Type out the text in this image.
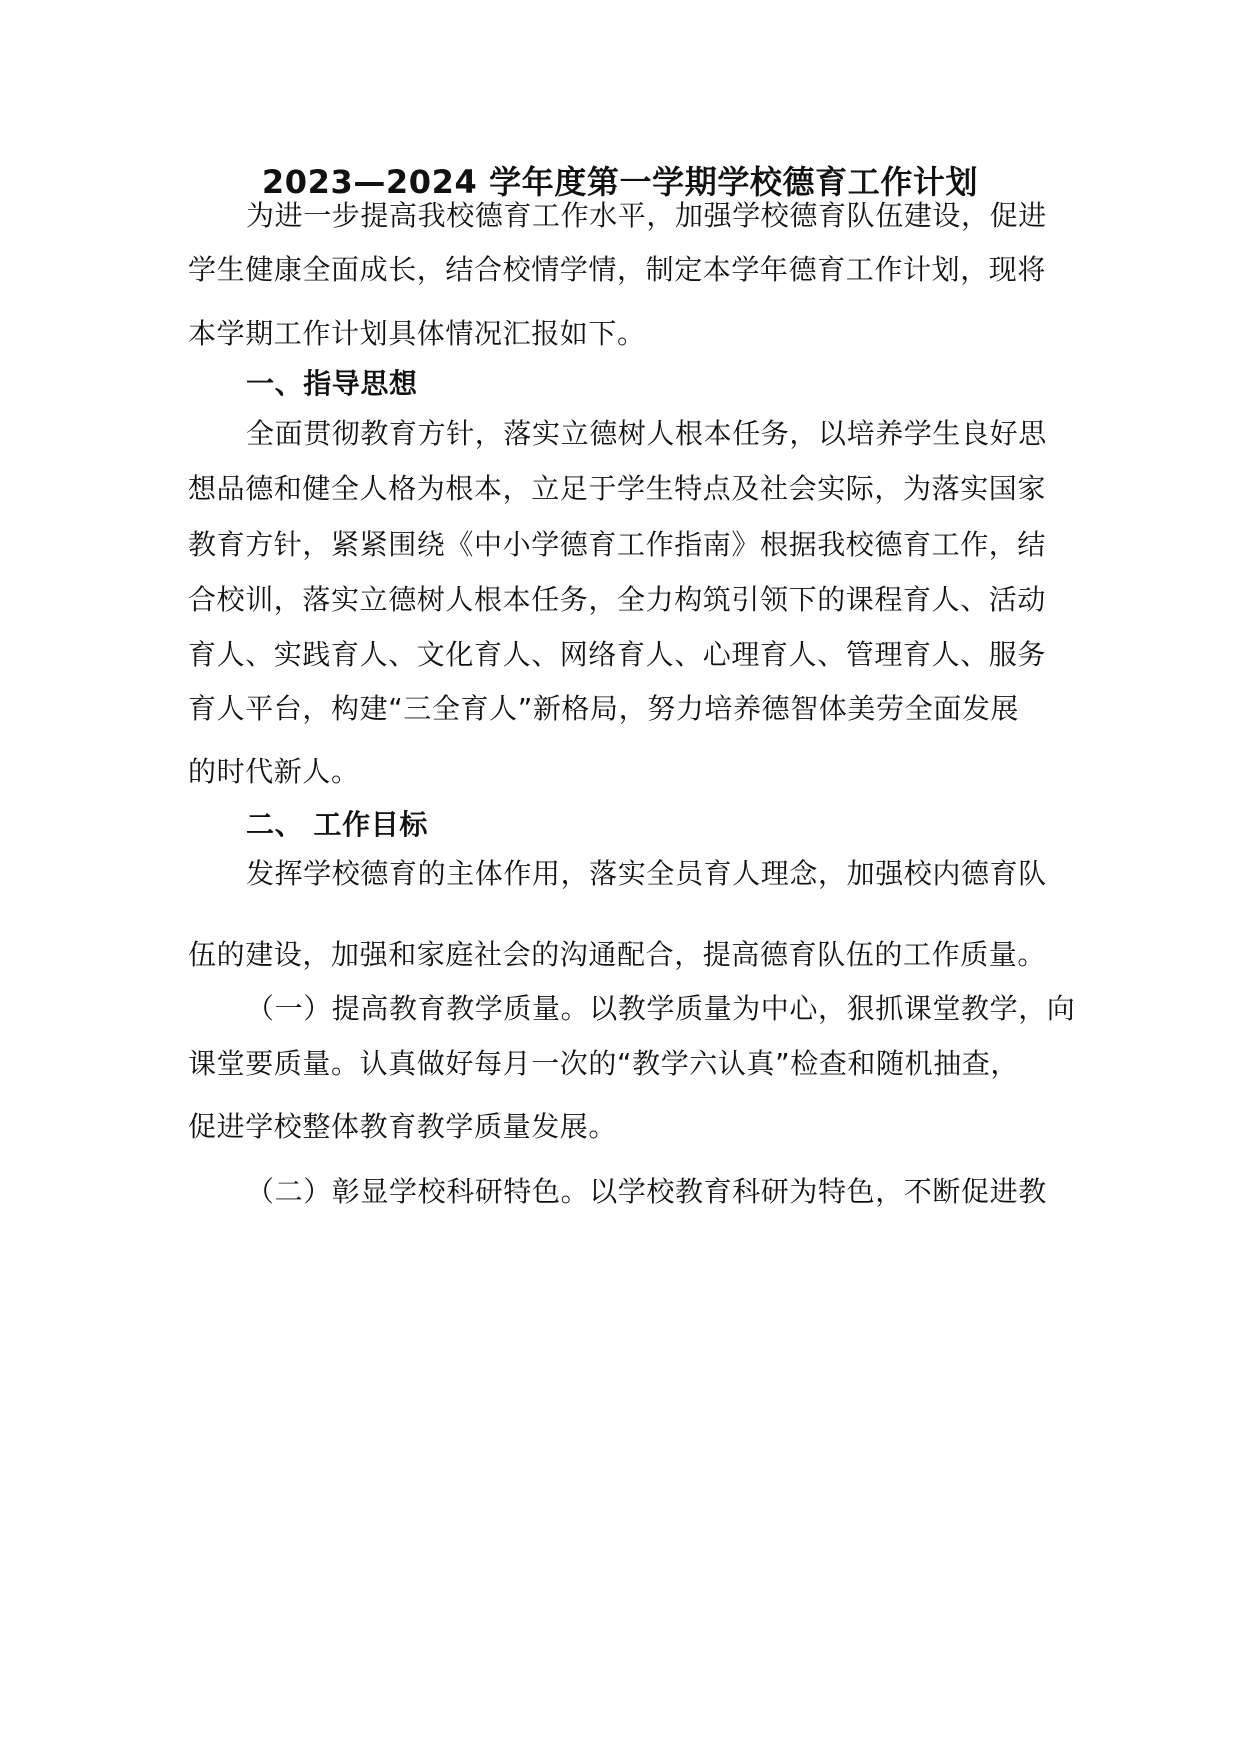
2023—2024 学年度第一学期学校德育工作计划
为进一步提高我校德育工作水平，加强学校德育队伍建设，促进
学生健康全面成长，结合校情学情，制定本学年德育工作计划，现将
本学期工作计划具体情况汇报如下。
一、指导思想
全面贯彻教育方针，落实立德树人根本任务，以培养学生良好思
想品德和健全人格为根本，立足于学生特点及社会实际，为落实国家
教育方针，紧紧围绕《中小学德育工作指南》根据我校德育工作，结
合校训，落实立德树人根本任务，全力构筑引领下的课程育人、活动
育人、实践育人、文化育人、网络育人、心理育人、管理育人、服务
育人平台，构建“三全育人”新格局，努力培养德智体美劳全面发展
的时代新人。
二、 工作目标
发挥学校德育的主体作用，落实全员育人理念，加强校内德育队
伍的建设，加强和家庭社会的沟通配合，提高德育队伍的工作质量。
（一）提高教育教学质量。以教学质量为中心，狠抓课堂教学，向
课堂要质量。认真做好每月一次的“教学六认真”检查和随机抽查，
促进学校整体教育教学质量发展。
（二）彰显学校科研特色。以学校教育科研为特色，不断促进教
